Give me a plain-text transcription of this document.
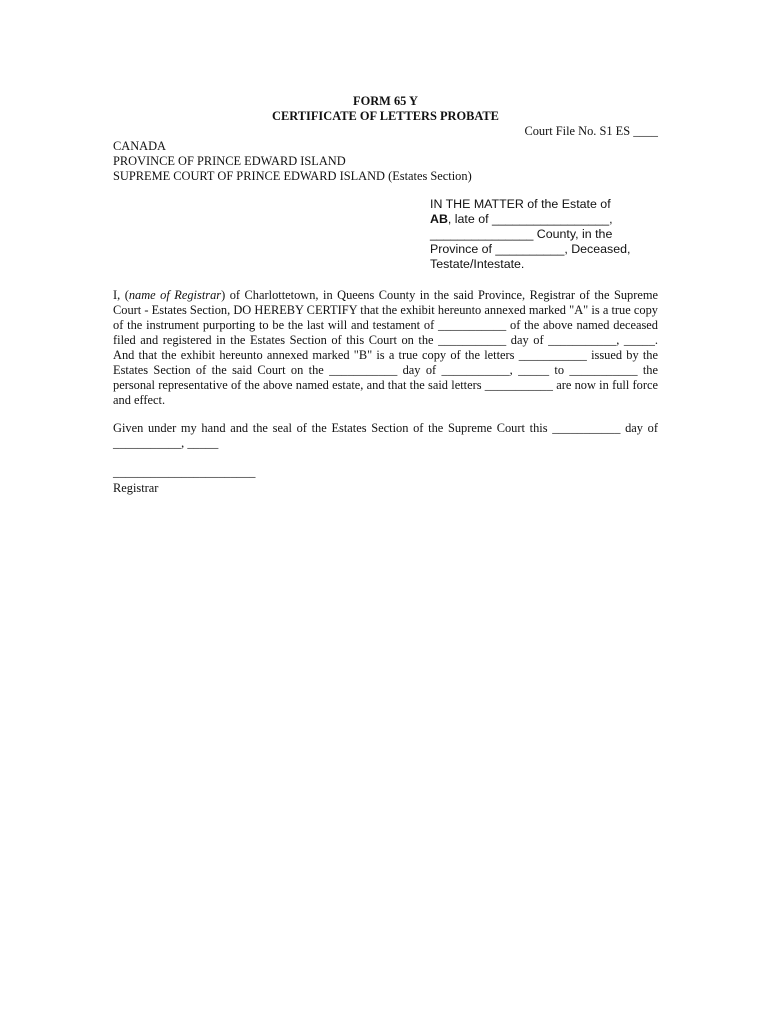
FORM 65 Y
CERTIFICATE OF LETTERS PROBATE
Court File No. S1 ES ____
CANADA
PROVINCE OF PRINCE EDWARD ISLAND
SUPREME COURT OF PRINCE EDWARD ISLAND (Estates Section)
IN THE MATTER of the Estate of
AB, late of _________________,
_______________ County, in the
Province of __________, Deceased,
Testate/Intestate.
I, (name of Registrar) of Charlottetown, in Queens County in the said Province, Registrar of the Supreme Court - Estates Section, DO HEREBY CERTIFY that the exhibit hereunto annexed marked "A" is a true copy of the instrument purporting to be the last will and testament of ___________ of the above named deceased filed and registered in the Estates Section of this Court on the ___________ day of ___________, _____. And that the exhibit hereunto annexed marked "B" is a true copy of the letters ___________ issued by the Estates Section of the said Court on the ___________ day of ___________, _____ to ___________ the personal representative of the above named estate, and that the said letters ___________ are now in full force and effect.
Given under my hand and the seal of the Estates Section of the Supreme Court this ___________ day of ___________, _____
_______________________
Registrar
